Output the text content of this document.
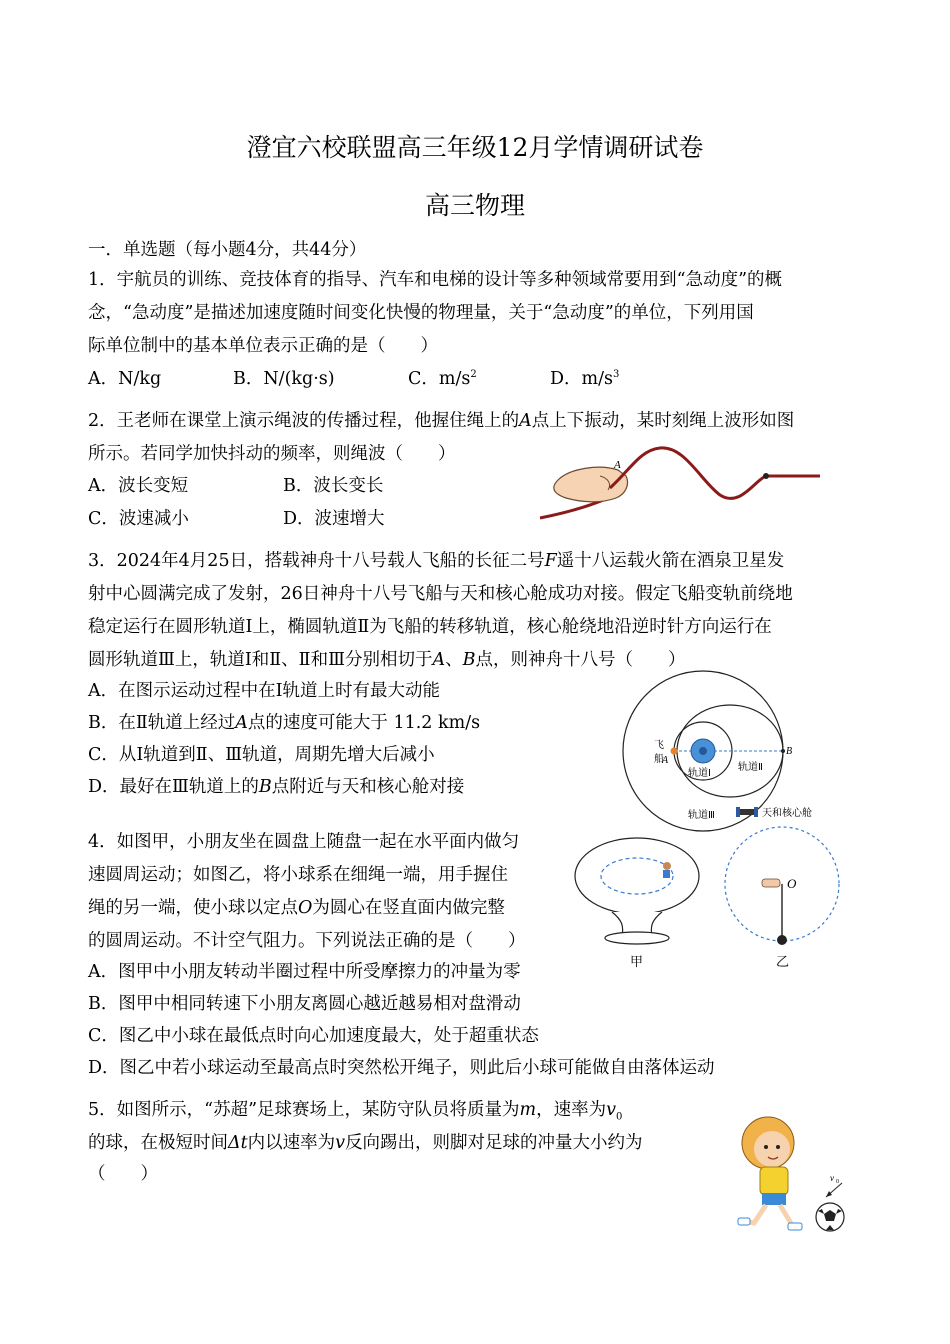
澄宜六校联盟高三年级12月学情调研试卷
高三物理
一．单选题（每小题4分，共44分）
1．宇航员的训练、竞技体育的指导、汽车和电梯的设计等多种领域常要用到“急动度”的概
念，“急动度”是描述加速度随时间变化快慢的物理量，关于“急动度”的单位，下列用国
际单位制中的基本单位表示正确的是（　　）
A．N/kg	B．N/(kg·s)	C．$m/s^2$	D．$m/s^3$
2．王老师在课堂上演示绳波的传播过程，他握住绳上的A点上下振动，某时刻绳上波形如图
所示。若同学加快抖动的频率，则绳波（　　）
A．波长变短	B．波长变长
C．波速减小	D．波速增大
A
3．2024年4月25日，搭载神舟十八号载人飞船的长征二号F遥十八运载火箭在酒泉卫星发
射中心圆满完成了发射，26日神舟十八号飞船与天和核心舱成功对接。假定飞船变轨前绕地
稳定运行在圆形轨道Ⅰ上，椭圆轨道Ⅱ为飞船的转移轨道，核心舱绕地沿逆时针方向运行在
圆形轨道Ⅲ上，轨道Ⅰ和Ⅱ、Ⅱ和Ⅲ分别相切于A、B点，则神舟十八号（　　）
A．在图示运动过程中在Ⅰ轨道上时有最大动能
B．在Ⅱ轨道上经过A点的速度可能大于 11.2 km/s
C．从Ⅰ轨道到Ⅱ、Ⅲ轨道，周期先增大后减小
D．最好在Ⅲ轨道上的B点附近与天和核心舱对接
飞
船
A
B
轨道Ⅰ
轨道Ⅱ
轨道Ⅲ	天和核心舱
4．如图甲，小朋友坐在圆盘上随盘一起在水平面内做匀
速圆周运动；如图乙，将小球系在细绳一端，用手握住
绳的另一端，使小球以定点O为圆心在竖直面内做完整
的圆周运动。不计空气阻力。下列说法正确的是（　　）
A．图甲中小朋友转动半圈过程中所受摩擦力的冲量为零
B．图甲中相同转速下小朋友离圆心越近越易相对盘滑动
C．图乙中小球在最低点时向心加速度最大，处于超重状态
D．图乙中若小球运动至最高点时突然松开绳子，则此后小球可能做自由落体运动
甲
O
乙
5．如图所示，“苏超”足球赛场上，某防守队员将质量为m，速率为$v_0$
的球，在极短时间Δt内以速率为v反向踢出，则脚对足球的冲量大小约为
（　　）	v 0
